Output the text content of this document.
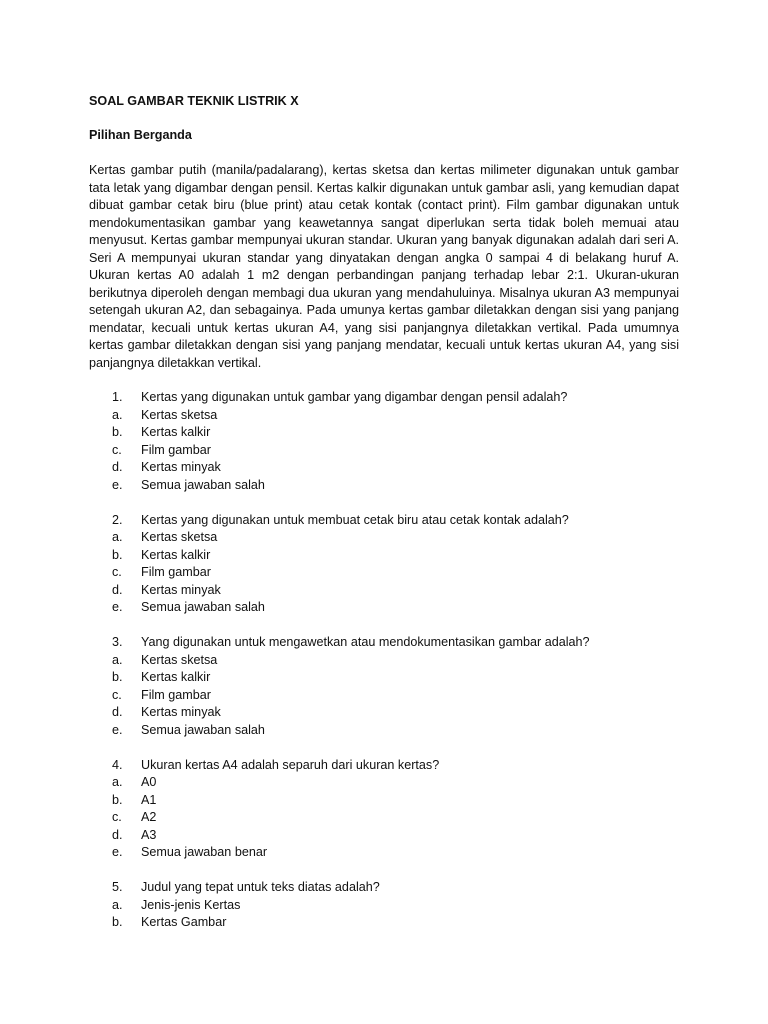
SOAL GAMBAR TEKNIK LISTRIK X
Pilihan Berganda

Kertas gambar putih (manila/padalarang), kertas sketsa dan kertas milimeter digunakan untuk gambar tata letak yang digambar dengan pensil. Kertas kalkir digunakan untuk gambar asli, yang kemudian dapat dibuat gambar cetak biru (blue print) atau cetak kontak (contact print). Film gambar digunakan untuk mendokumentasikan gambar yang keawetannya sangat diperlukan serta tidak boleh memuai atau menyusut. Kertas gambar mempunyai ukuran standar. Ukuran yang banyak digunakan adalah dari seri A. Seri A mempunyai ukuran standar yang dinyatakan dengan angka 0 sampai 4 di belakang huruf A. Ukuran kertas A0 adalah 1 m2 dengan perbandingan panjang terhadap lebar 2:1. Ukuran-ukuran berikutnya diperoleh dengan membagi dua ukuran yang mendahuluinya. Misalnya ukuran A3 mempunyai setengah ukuran A2, dan sebagainya. Pada umunya kertas gambar diletakkan dengan sisi yang panjang mendatar, kecuali untuk kertas ukuran A4, yang sisi panjangnya diletakkan vertikal. Pada umumnya kertas gambar diletakkan dengan sisi yang panjang mendatar, kecuali untuk kertas ukuran A4, yang sisi panjangnya diletakkan vertikal.

1.	Kertas yang digunakan untuk gambar yang digambar dengan pensil adalah?
a.	Kertas sketsa
b.	Kertas kalkir
c.	Film gambar
d.	Kertas minyak
e.	Semua jawaban salah
2.	Kertas yang digunakan untuk membuat cetak biru atau cetak kontak adalah?
a.	Kertas sketsa
b.	Kertas kalkir
c.	Film gambar
d.	Kertas minyak
e.	Semua jawaban salah
3.	Yang digunakan untuk mengawetkan atau mendokumentasikan gambar adalah?
a.	Kertas sketsa
b.	Kertas kalkir
c.	Film gambar
d.	Kertas minyak
e.	Semua jawaban salah
4.	Ukuran kertas A4 adalah separuh dari ukuran kertas?
a.	A0
b.	A1
c.	A2
d.	A3
e.	Semua jawaban benar
5.	Judul yang tepat untuk teks diatas adalah?
a.	Jenis-jenis Kertas
b.	Kertas Gambar
